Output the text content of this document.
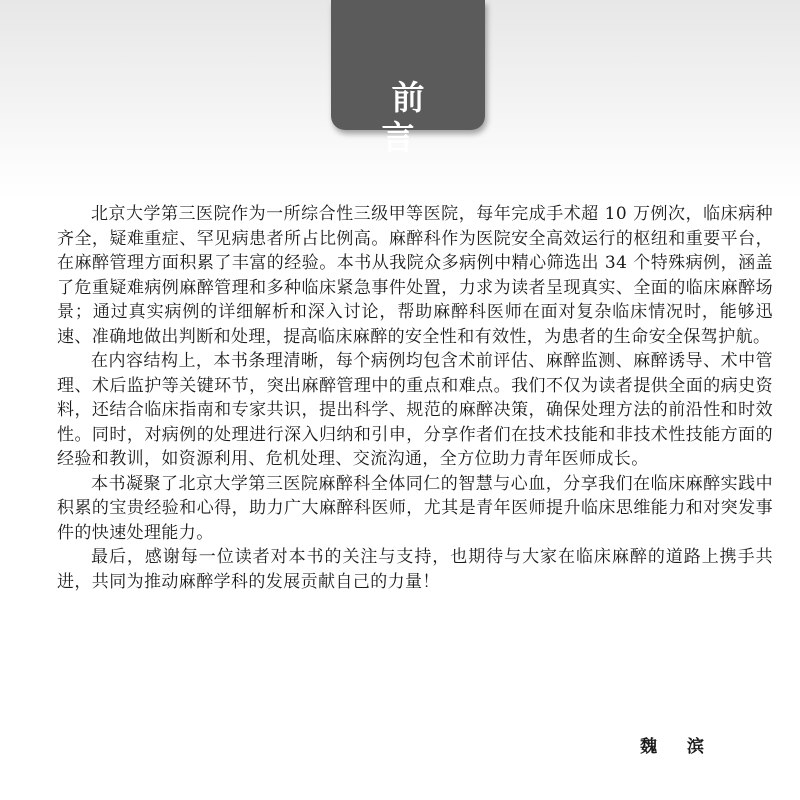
前 言

北京大学第三医院作为一所综合性三级甲等医院，每年完成手术超 10 万例次，临床病种齐全，疑难重症、罕见病患者所占比例高。麻醉科作为医院安全高效运行的枢纽和重要平台，在麻醉管理方面积累了丰富的经验。本书从我院众多病例中精心筛选出 34 个特殊病例，涵盖了危重疑难病例麻醉管理和多种临床紧急事件处置，力求为读者呈现真实、全面的临床麻醉场景；通过真实病例的详细解析和深入讨论，帮助麻醉科医师在面对复杂临床情况时，能够迅速、准确地做出判断和处理，提高临床麻醉的安全性和有效性，为患者的生命安全保驾护航。

在内容结构上，本书条理清晰，每个病例均包含术前评估、麻醉监测、麻醉诱导、术中管理、术后监护等关键环节，突出麻醉管理中的重点和难点。我们不仅为读者提供全面的病史资料，还结合临床指南和专家共识，提出科学、规范的麻醉决策，确保处理方法的前沿性和时效性。同时，对病例的处理进行深入归纳和引申，分享作者们在技术技能和非技术性技能方面的经验和教训，如资源利用、危机处理、交流沟通，全方位助力青年医师成长。

本书凝聚了北京大学第三医院麻醉科全体同仁的智慧与心血，分享我们在临床麻醉实践中积累的宝贵经验和心得，助力广大麻醉科医师，尤其是青年医师提升临床思维能力和对突发事件的快速处理能力。

最后，感谢每一位读者对本书的关注与支持，也期待与大家在临床麻醉的道路上携手共进，共同为推动麻醉学科的发展贡献自己的力量！

魏 滨
